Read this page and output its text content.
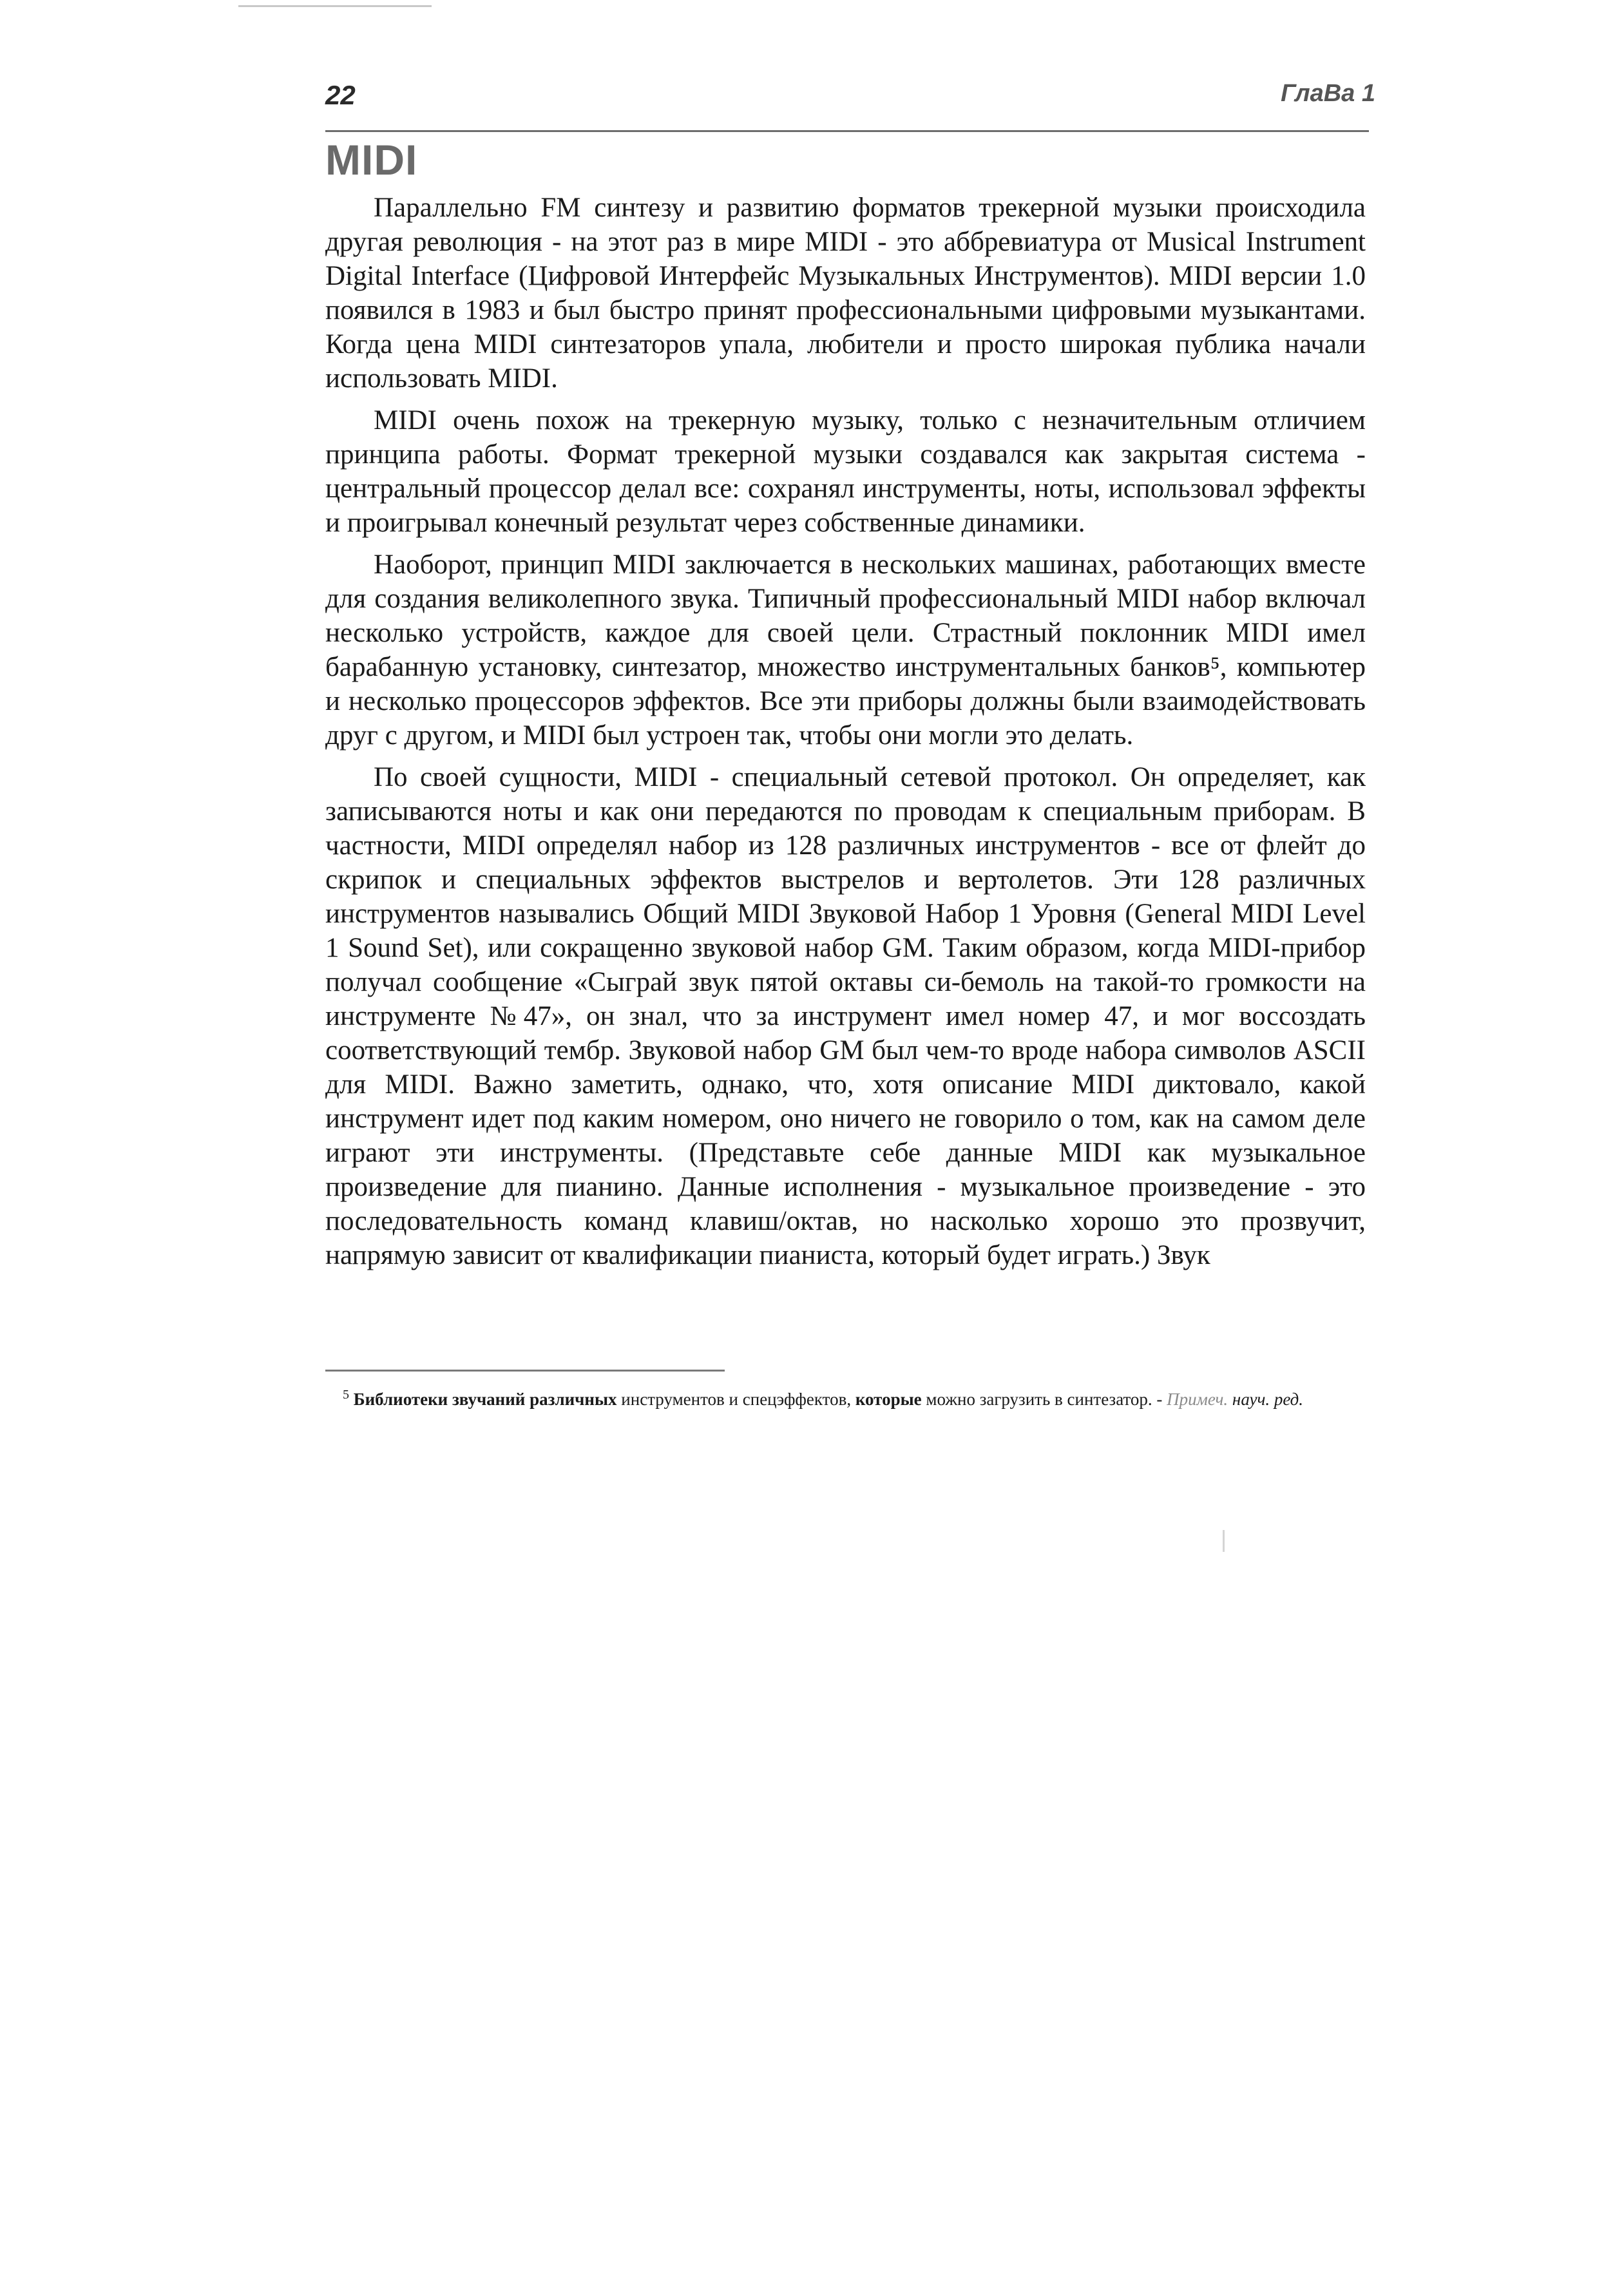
22	ГлаВа 1
MIDI

Параллельно FM синтезу и развитию форматов трекерной музыки происходила другая революция - на этот раз в мире MIDI - это аббревиатура от Musical Instrument Digital Interface (Цифровой Интерфейс Музыкальных Инструментов). MIDI версии 1.0 появился в 1983 и был быстро принят профессиональными цифровыми музыкантами. Когда цена MIDI синтезаторов упала, любители и просто широкая публика начали использовать MIDI.

MIDI очень похож на трекерную музыку, только с незначительным отличием принципа работы. Формат трекерной музыки создавался как закрытая система - центральный процессор делал все: сохранял инструменты, ноты, использовал эффекты и проигрывал конечный результат через собственные динамики.

Наоборот, принцип MIDI заключается в нескольких машинах, работающих вместе для создания великолепного звука. Типичный профессиональный MIDI набор включал несколько устройств, каждое для своей цели. Страстный поклонник MIDI имел барабанную установку, синтезатор, множество инструментальных банков⁵, компьютер и несколько процессоров эффектов. Все эти приборы должны были взаимодействовать друг с другом, и MIDI был устроен так, чтобы они могли это делать.

По своей сущности, MIDI - специальный сетевой протокол. Он определяет, как записываются ноты и как они передаются по проводам к специальным приборам. В частности, MIDI определял набор из 128 различных инструментов - все от флейт до скрипок и специальных эффектов выстрелов и вертолетов. Эти 128 различных инструментов назывались Общий MIDI Звуковой Набор 1 Уровня (General MIDI Level 1 Sound Set), или сокращенно звуковой набор GM. Таким образом, когда MIDI-прибор получал сообщение «Сыграй звук пятой октавы си-бемоль на такой-то громкости на инструменте №47», он знал, что за инструмент имел номер 47, и мог воссоздать соответствующий тембр. Звуковой набор GM был чем-то вроде набора символов ASCII для MIDI. Важно заметить, однако, что, хотя описание MIDI диктовало, какой инструмент идет под каким номером, оно ничего не говорило о том, как на самом деле играют эти инструменты. (Представьте себе данные MIDI как музыкальное произведение для пианино. Данные исполнения - музыкальное произведение - это последовательность команд клавиш/октав, но насколько хорошо это прозвучит, напрямую зависит от квалификации пианиста, который будет играть.) Звук

$^5$ Библиотеки звучаний различных инструментов и спецэффектов, которые можно загрузить в синтезатор. - Примеч. науч. ред.
